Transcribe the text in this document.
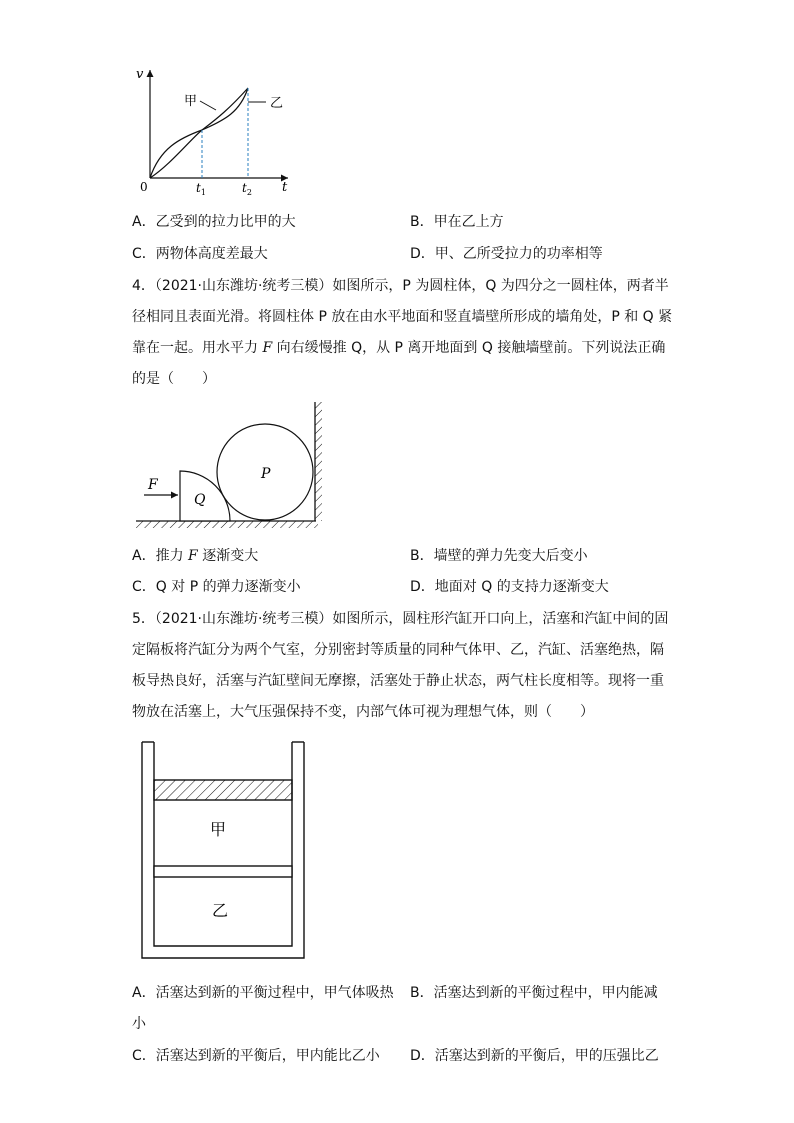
v
t
0	$t_1$	$t_2$
甲	乙
A．乙受到的拉力比甲的大	B．甲在乙上方
C．两物体高度差最大	D．甲、乙所受拉力的功率相等
4．（2021·山东潍坊·统考三模）如图所示，P 为圆柱体，Q 为四分之一圆柱体，两者半
径相同且表面光滑。将圆柱体 P 放在由水平地面和竖直墙壁所形成的墙角处，P 和 Q 紧
靠在一起。用水平力 F 向右缓慢推 Q，从 P 离开地面到 Q 接触墙壁前。下列说法正确
的是（　　）
F
Q
P
A．推力 F 逐渐变大	B．墙壁的弹力先变大后变小
C．Q 对 P 的弹力逐渐变小	D．地面对 Q 的支持力逐渐变大
5．（2021·山东潍坊·统考三模）如图所示，圆柱形汽缸开口向上，活塞和汽缸中间的固
定隔板将汽缸分为两个气室，分别密封等质量的同种气体甲、乙，汽缸、活塞绝热，隔
板导热良好，活塞与汽缸壁间无摩擦，活塞处于静止状态，两气柱长度相等。现将一重
物放在活塞上，大气压强保持不变，内部气体可视为理想气体，则（　　）
甲
乙
A．活塞达到新的平衡过程中，甲气体吸热 B．活塞达到新的平衡过程中，甲内能减
小
C．活塞达到新的平衡后，甲内能比乙小 D．活塞达到新的平衡后，甲的压强比乙
